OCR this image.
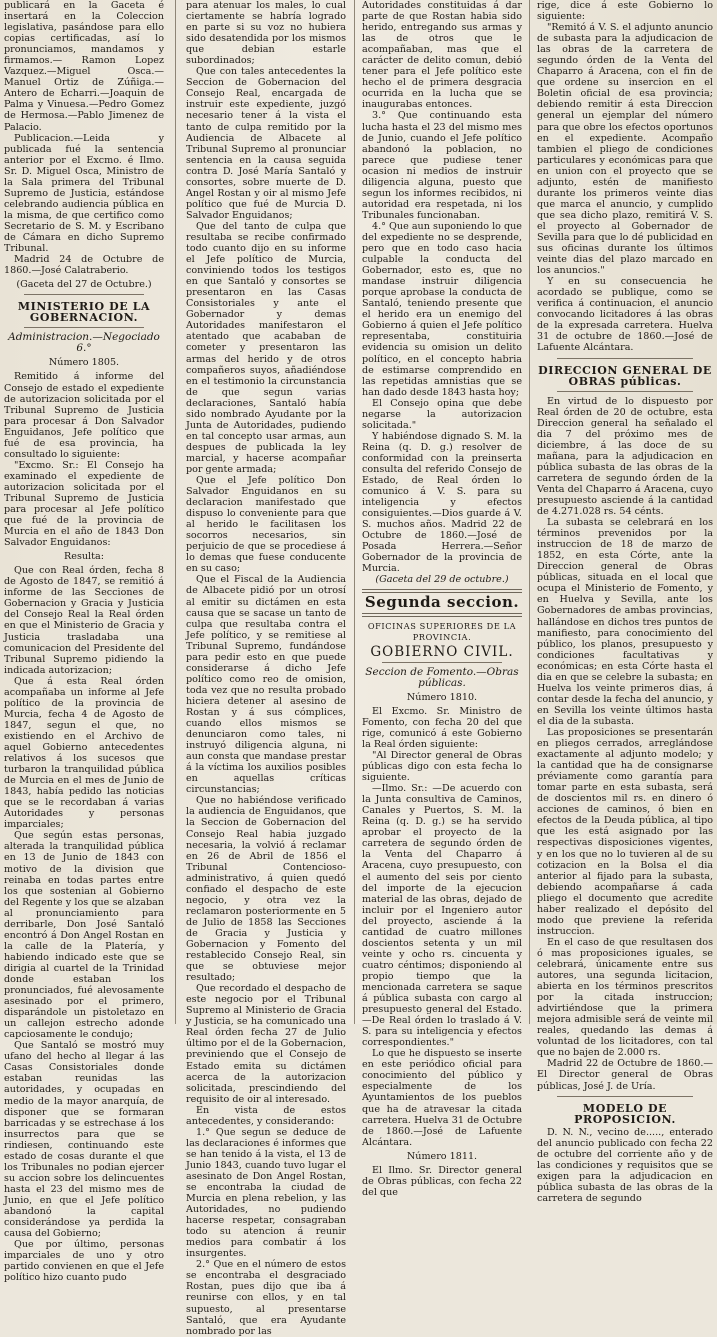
publicará en la Gaceta é insertará en la Coleccion legislativa, pasándose para ello copias certificadas, así lo pronunciamos, mandamos y firmamos.— Ramon Lopez Vazquez.—Miguel Osca.—Manuel Ortiz de Zúñiga.—Antero de Echarri.—Joaquin de Palma y Vinuesa.—Pedro Gomez de Hermosa.—Pablo Jimenez de Palacio.

Publicacion.—Leida y publicada fué la sentencia anterior por el Excmo. é Ilmo. Sr. D. Miguel Osca, Ministro de la Sala primera del Tribunal Supremo de Justicia, estándose celebrando audiencia pública en la misma, de que certifico como Secretario de S. M. y Escribano de Cámara en dicho Supremo Tribunal.

Madrid 24 de Octubre de 1860.—José Calatraberio.

(Gaceta del 27 de Octubre.)

MINISTERIO DE LA GOBERNACION.

Administracion.—Negociado 6.°

Número 1805.

Remitido á informe del Consejo de estado el expediente de autorizacion solicitada por el Tribunal Supremo de Justicia para procesar á Don Salvador Enguidanos, Jefe político que fué de esa provincia, ha consultado lo siguiente:

"Excmo. Sr.: El Consejo ha examinado el expediente de autorizacion solicitada por el Tribunal Supremo de Justicia para procesar al Jefe político que fué de la provincia de Murcia en el año de 1843 Don Salvador Enguidanos:

Resulta:

Que con Real órden, fecha 8 de Agosto de 1847, se remitió á informe de las Secciones de Gobernacion y Gracia y Justicia del Consejo Real la Real órden en que el Ministerio de Gracia y Justicia trasladaba una comunicacion del Presidente del Tribunal Supremo pidiendo la indicada autorizacion;

Que á esta Real órden acompañaba un informe al Jefe político de la provincia de Murcia, fecha 4 de Agosto de 1847, segun el que, no existiendo en el Archivo de aquel Gobierno antecedentes relativos á los sucesos que turbaron la tranquilidad pública de Murcia en el mes de Junio de 1843, había pedido las noticias que se le recordaban á varias Autoridades y personas imparciales;

Que según estas personas, alterada la tranquilidad pública en 13 de Junio de 1843 con motivo de la division que reinaba en todas partes entre los que sostenian al Gobierno del Regente y los que se alzaban al pronunciamiento para derribarle, Don José Santaló encontró á Don Angel Rostan en la calle de la Platería, y habiendo indicado este que se dirigia al cuartel de la Trinidad donde estaban los pronunciados, fué alevosamente asesinado por el primero, disparándole un pistoletazo en un callejon estrecho adonde capciosamente le condujo;

Que Santaló se mostró muy ufano del hecho al llegar á las Casas Consistoriales donde estaban reunidas las autoridades, y ocupadas en medio de la mayor anarquía, de disponer que se formaran barricadas y se estrechase á los insurrectos para que se rindiesen, continuando este estado de cosas durante el que los Tribunales no podian ejercer su accion sobre los delincuentes hasta el 23 del mismo mes de Junio, en que el Jefe político abandonó la capital considerándose ya perdida la causa del Gobierno;

Que por último, personas imparciales de uno y otro partido convienen en que el Jefe político hizo cuanto pudo

para atenuar los males, lo cual ciertamente se habría logrado en parte si su voz no hubiera sido desatendida por los mismos que debian estarle subordinados;

Que con tales antecedentes la Seccion de Gobernacion del Consejo Real, encargada de instruir este expediente, juzgó necesario tener á la vista el tanto de culpa remitido por la Audiencia de Albacete al Tribunal Supremo al pronunciar sentencia en la causa seguida contra D. José María Santaló y consortes, sobre muerte de D. Angel Rostan y oir al mismo Jefe político que fué de Murcia D. Salvador Enguidanos;

Que del tanto de culpa que resultaba se recibe confirmado todo cuanto dijo en su informe el Jefe político de Murcia, conviniendo todos los testigos en que Santaló y consortes se presentaron en las Casas Consistoriales y ante el Gobernador y demas Autoridades manifestaron el atentado que acababan de cometer y presentaron las armas del herido y de otros compañeros suyos, añadiéndose en el testimonio la circunstancia de que segun varias declaraciones, Santaló había sido nombrado Ayudante por la Junta de Autoridades, pudiendo en tal concepto usar armas, aun despues de publicada la ley marcial, y hacerse acompañar por gente armada;

Que el Jefe político Don Salvador Enguidanos en su declaracion manifestado que dispuso lo conveniente para que al herido le facilitasen los socorros necesarios, sin perjuicio de que se procediese á lo demas que fuese conducente en su caso;

Que el Fiscal de la Audiencia de Albacete pidió por un otrosí al emitir su dictámen en esta causa que se sacase un tanto de culpa que resultaba contra el Jefe político, y se remitiese al Tribunal Supremo, fundándose para pedir esto en que puede considerarse á dicho Jefe político como reo de omision, toda vez que no resulta probado hiciera detener al asesino de Rostan y á sus cómplices, cuando ellos mismos se denunciaron como tales, ni instruyó diligencia alguna, ni aun consta que mandase prestar á la víctima los auxilios posibles en aquellas críticas circunstancias;

Que no habiéndose verificado la audiencia de Enguidanos, que la Seccion de Gobernacion del Consejo Real habia juzgado necesaria, la volvió á reclamar en 26 de Abril de 1856 el Tribunal Contencioso-administrativo, á quien quedó confiado el despacho de este negocio, y otra vez la reclamaron posteriormente en 5 de Julio de 1858 las Secciones de Gracia y Justicia y Gobernacion y Fomento del restablecido Consejo Real, sin que se obtuviese mejor resultado;

Que recordado el despacho de este negocio por el Tribunal Supremo al Ministerio de Gracia y Justicia, se ha comunicado una Real órden fecha 27 de Julio último por el de la Gobernacion, previniendo que el Consejo de Estado emita su dictámen acerca de la autorizacion solicitada, prescindiendo del requisito de oir al interesado.

En vista de estos antecedentes, y considerando:

1.° Que segun se deduce de las declaraciones é informes que se han tenido á la vista, el 13 de Junio 1843, cuando tuvo lugar el asesinato de Don Angel Rostan, se encontraba la ciudad de Murcia en plena rebelion, y las Autoridades, no pudiendo hacerse respetar, consagraban todo su atencion á reunir medios para combatir á los insurgentes.

2.° Que en el número de estos se encontraba el desgraciado Rostan, pues dijo que iba á reunirse con ellos, y en tal supuesto, al presentarse Santaló, que era Ayudante nombrado por las

Autoridades constituidas á dar parte de que Rostan habia sido herido, entregando sus armas y las de otros que le acompañaban, mas que el carácter de delito comun, debió tener para el Jefe político este hecho el de primera desgracia ocurrida en la lucha que se inaugurabas entonces.

3.° Que continuando esta lucha hasta el 23 del mismo mes de Junio, cuando el Jefe político abandonó la poblacion, no parece que pudiese tener ocasion ni medios de instruir diligencia alguna, puesto que segun los informes recibidos, ni autoridad era respetada, ni los Tribunales funcionaban.

4.° Que aun suponiendo lo que del expediente no se desprende, pero que en todo caso hacia culpable la conducta del Gobernador, esto es, que no mandase instruir diligencia porque aprobase la conducta de Santaló, teniendo presente que el herido era un enemigo del Gobierno á quien el Jefe político representaba, constituiria evidencia su omision un delito político, en el concepto habria de estimarse comprendido en las repetidas amnistias que se han dado desde 1843 hasta hoy;

El Consejo opina que debe negarse la autorizacion solicitada."

Y habiéndose dignado S. M. la Reina (q. D. g.) resolver de conformidad con la preinserta consulta del referido Consejo de Estado, de Real órden lo comunico á V. S. para su inteligencia y efectos consiguientes.—Dios guarde á V. S. muchos años. Madrid 22 de Octubre de 1860.—José de Posada Herrera.—Señor Gobernador de la provincia de Murcia.

(Gaceta del 29 de octubre.)

Segunda seccion.
OFICINAS SUPERIORES DE LA
PROVINCIA.
GOBIERNO CIVIL.

Seccion de Fomento.—Obras públicas.

Número 1810.

El Excmo. Sr. Ministro de Fomento, con fecha 20 del que rige, comunicó á este Gobierno la Real órden siguiente:

"Al Director general de Obras públicas digo con esta fecha lo siguiente.

—Ilmo. Sr.: —De acuerdo con la Junta consultiva de Caminos, Canales y Puertos, S. M. la Reina (q. D. g.) se ha servido aprobar el proyecto de la carretera de segundo órden de la Venta del Chaparro á Aracena, cuyo presupuesto, con el aumento del seis por ciento del importe de la ejecucion material de las obras, dejado de incluir por el Ingeniero autor del proyecto, asciende á la cantidad de cuatro millones doscientos setenta y un mil veinte y ocho rs. cincuenta y cuatro céntimos; disponiendo al propio tiempo que la mencionada carretera se saque á pública subasta con cargo al presupuesto general del Estado.—De Real órden lo traslado á V. S. para su inteligencia y efectos correspondientes."

Lo que he dispuesto se inserte en este periódico oficial para conocimiento del público y especialmente de los Ayuntamientos de los pueblos que ha de atravesar la citada carretera. Huelva 31 de Octubre de 1860.—José de Lafuente Alcántara.

Número 1811.

El Ilmo. Sr. Director general de Obras públicas, con fecha 22 del que

rige, dice á este Gobierno lo siguiente:

"Remitó á V. S. el adjunto anuncio de subasta para la adjudicacion de las obras de la carretera de segundo órden de la Venta del Chaparro á Aracena, con el fin de que ordene su insercion en el Boletin oficial de esa provincia; debiendo remitir á esta Direccion general un ejemplar del número para que obre los efectos oportunos en el expediente. Acompaño tambien el pliego de condiciones particulares y económicas para que en union con el proyecto que se adjunto, estén de manifiesto durante los primeros veinte dias que marca el anuncio, y cumplido que sea dicho plazo, remitirá V. S. el proyecto al Gobernador de Sevilla para que lo dé publicidad en sus oficinas durante los últimos veinte dias del plazo marcado en los anuncios."

Y en su consecuencia he acordado se publique, como se verifica á continuacion, el anuncio convocando licitadores á las obras de la expresada carretera. Huelva 31 de octubre de 1860.—José de Lafuente Alcántara.

DIRECCION GENERAL DE OBRAS públicas.

En virtud de lo dispuesto por Real órden de 20 de octubre, esta Direccion general ha señalado el dia 7 del próximo mes de diciembre, á las doce de su mañana, para la adjudicacion en pública subasta de las obras de la carretera de segundo órden de la Venta del Chaparro á Aracena, cuyo presupuesto asciende á la cantidad de 4.271.028 rs. 54 cénts.

La subasta se celebrará en los términos prevenidos por la instruccion de 18 de marzo de 1852, en esta Córte, ante la Direccion general de Obras públicas, situada en el local que ocupa el Ministerio de Fomento, y en Huelva y Sevilla, ante los Gobernadores de ambas provincias, hallándose en dichos tres puntos de manifiesto, para conocimiento del público, los planos, presupuesto y condiciones facultativas y económicas; en esta Córte hasta el dia en que se celebre la subasta; en Huelva los veinte primeros dias, á contar desde la fecha del anuncio, y en Sevilla los veinte últimos hasta el dia de la subasta.

Las proposiciones se presentarán en pliegos cerrados, arreglándose exactamente al adjunto modelo; y la cantidad que ha de consignarse préviamente como garantía para tomar parte en esta subasta, será de doscientos mil rs. en dinero ó acciones de caminos, ó bien en efectos de la Deuda pública, al tipo que les está asignado por las respectivas disposiciones vigentes, y en los que no lo tuvieren al de su cotizacion en la Bolsa el dia anterior al fijado para la subasta, debiendo acompañarse á cada pliego el documento que acredite haber realizado el depósito del modo que previene la referida instruccion.

En el caso de que resultasen dos ó mas proposiciones iguales, se celebrará, únicamente entre sus autores, una segunda licitacion, abierta en los términos prescritos por la citada instruccion; advirtiéndose que la primera mejora admisible será de veinte mil reales, quedando las demas á voluntad de los licitadores, con tal que no bajen de 2.000 rs.

Madrid 22 de Octubre de 1860.—El Director general de Obras públicas, José J. de Uría.

MODELO DE PROPOSICION.

D. N. N., vecino de....., enterado del anuncio publicado con fecha 22 de octubre del corriente año y de las condiciones y requisitos que se exigen para la adjudicacion en pública subasta de las obras de la carretera de segundo
